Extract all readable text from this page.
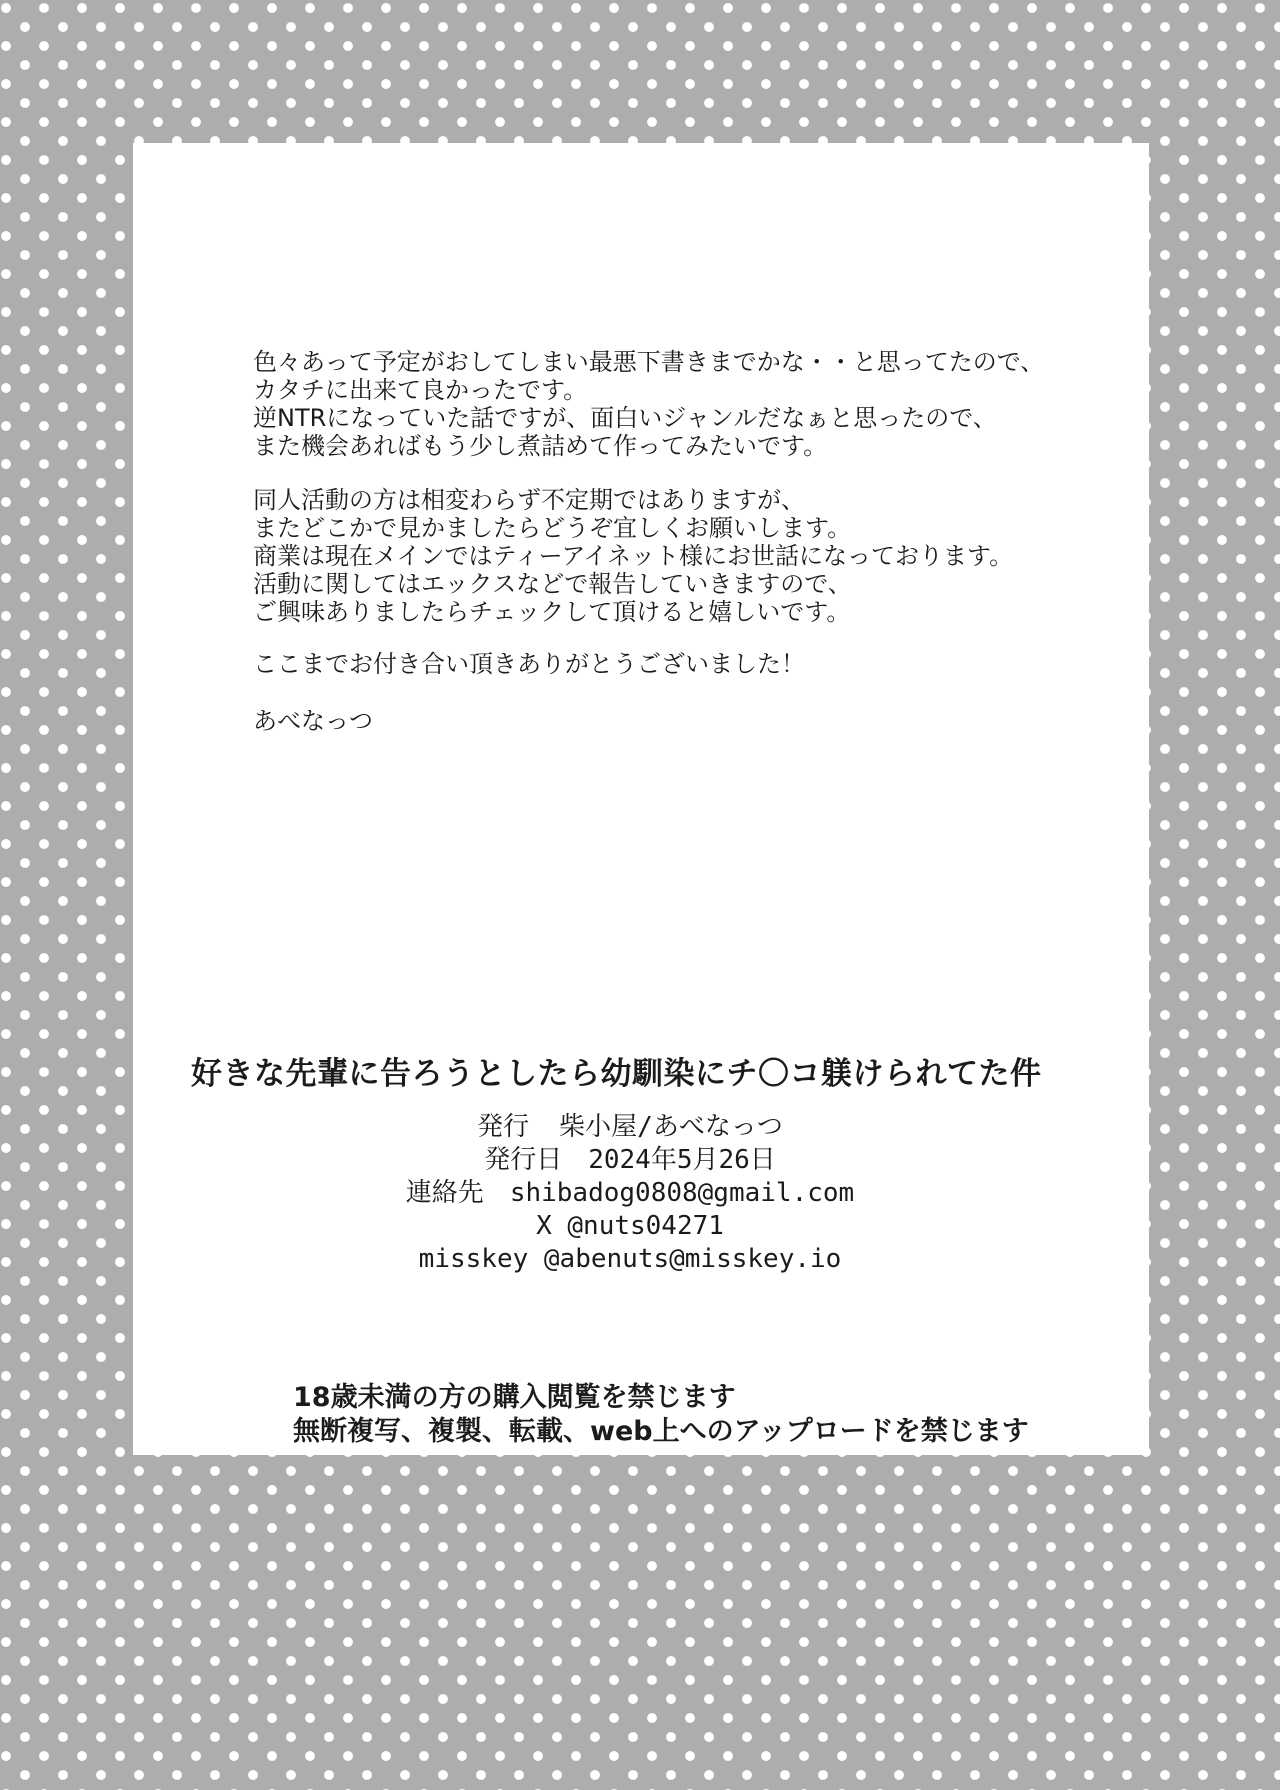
色々あって予定がおしてしまい最悪下書きまでかな・・と思ってたので、
カタチに出来て良かったです。
逆NTRになっていた話ですが、面白いジャンルだなぁと思ったので、
また機会あればもう少し煮詰めて作ってみたいです。
同人活動の方は相変わらず不定期ではありますが、
またどこかで見かましたらどうぞ宜しくお願いします。
商業は現在メインではティーアイネット様にお世話になっております。
活動に関してはエックスなどで報告していきますので、
ご興味ありましたらチェックして頂けると嬉しいです。
ここまでお付き合い頂きありがとうございました！
あべなっつ
好きな先輩に告ろうとしたら幼馴染にチ〇コ躾けられてた件
発行 柴小屋/あべなっつ
発行日 2024年5月26日
連絡先 shibadog0808@gmail.com
X @nuts04271
misskey @abenuts@misskey.io
18歳未満の方の購入閲覧を禁じます
無断複写、複製、転載、web上へのアップロードを禁じます
